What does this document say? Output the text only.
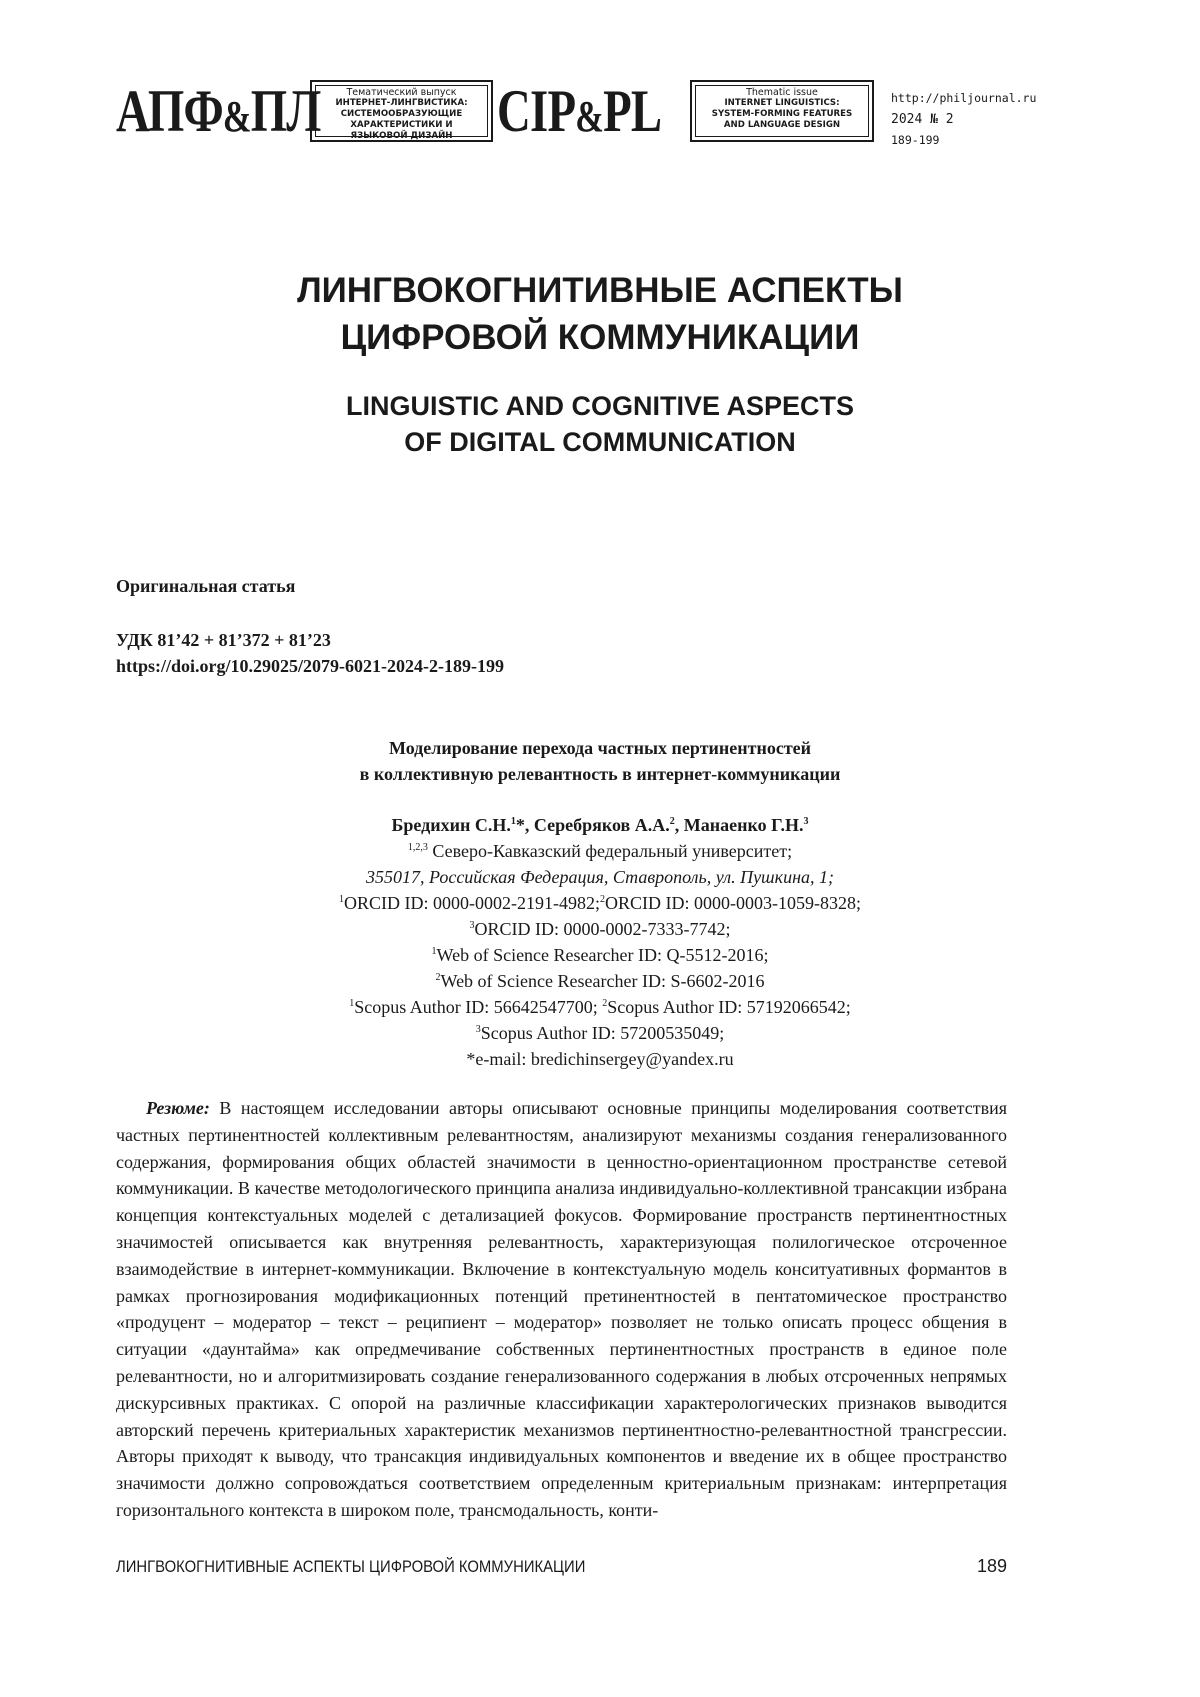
АПФ&ПЛ	Тематический выпуск
ИНТЕРНЕТ-ЛИНГВИСТИКА:
СИСТЕМООБРАЗУЮЩИЕ
ХАРАКТЕРИСТИКИ И
ЯЗЫКОВОЙ ДИЗАЙН CIP&PL	Thematic issue
INTERNET LINGUISTICS:
SYSTEM-FORMING FEATURES
AND LANGUAGE DESIGN
http://philjournal.ru
2024 № 2
189-199
ЛИНГВОКОГНИТИВНЫЕ АСПЕКТЫ
ЦИФРОВОЙ КОММУНИКАЦИИ
LINGUISTIC AND COGNITIVE ASPECTS
OF DIGITAL COMMUNICATION
Оригинальная статья
УДК 81’42 + 81’372 + 81’23
https://doi.org/10.29025/2079-6021-2024-2-189-199
Моделирование перехода частных пертинентностей
в коллективную релевантность в интернет-коммуникации
Бредихин С.Н.$^1$*, Серебряков А.А.$^2$, Манаенко Г.Н.$^3$
$^{1,2,3}$ Северо-Кавказский федеральный университет;
355017, Российская Федерация, Ставрополь, ул. Пушкина, 1;
$^1$ORCID ID: 0000-0002-2191-4982;$^2$ORCID ID: 0000-0003-1059-8328;
$^3$ORCID ID: 0000-0002-7333-7742;
$^1$Web of Science Researcher ID: Q-5512-2016;
$^2$Web of Science Researcher ID: S-6602-2016
$^1$Scopus Author ID: 56642547700; $^2$Scopus Author ID: 57192066542;
$^3$Scopus Author ID: 57200535049;
*e-mail: bredichinsergey@yandex.ru
Резюме: В настоящем исследовании авторы описывают основные принципы моделирования соответствия частных пертинентностей коллективным релевантностям, анализируют механизмы создания генерализованного содержания, формирования общих областей значимости в ценностно-ориентационном пространстве сетевой коммуникации. В качестве методологического принципа анализа индивидуально-коллективной трансакции избрана концепция контекстуальных моделей с детализацией фокусов. Формирование пространств пертинентностных значимостей описывается как внутренняя релевантность, характеризующая полилогическое отсроченное взаимодействие в интернет-коммуникации. Включение в контекстуальную модель конситуативных формантов в рамках прогнозирования модификационных потенций претинентностей в пентатомическое пространство «продуцент – модератор – текст – реципиент – модератор» позволяет не только описать процесс общения в ситуации «даунтайма» как опредмечивание собственных пертинентностных пространств в единое поле релевантности, но и алгоритмизировать создание генерализованного содержания в любых отсроченных непрямых дискурсивных практиках. С опорой на различные классификации характерологических признаков выводится авторский перечень критериальных характеристик механизмов пертинентностно-релевантностной трансгрессии. Авторы приходят к выводу, что трансакция индивидуальных компонентов и введение их в общее пространство значимости должно сопровождаться соответствием определенным критериальным признакам: интерпретация горизонтального контекста в широком поле, трансмодальность, конти-
ЛИНГВОКОГНИТИВНЫЕ АСПЕКТЫ ЦИФРОВОЙ КОММУНИКАЦИИ	189
